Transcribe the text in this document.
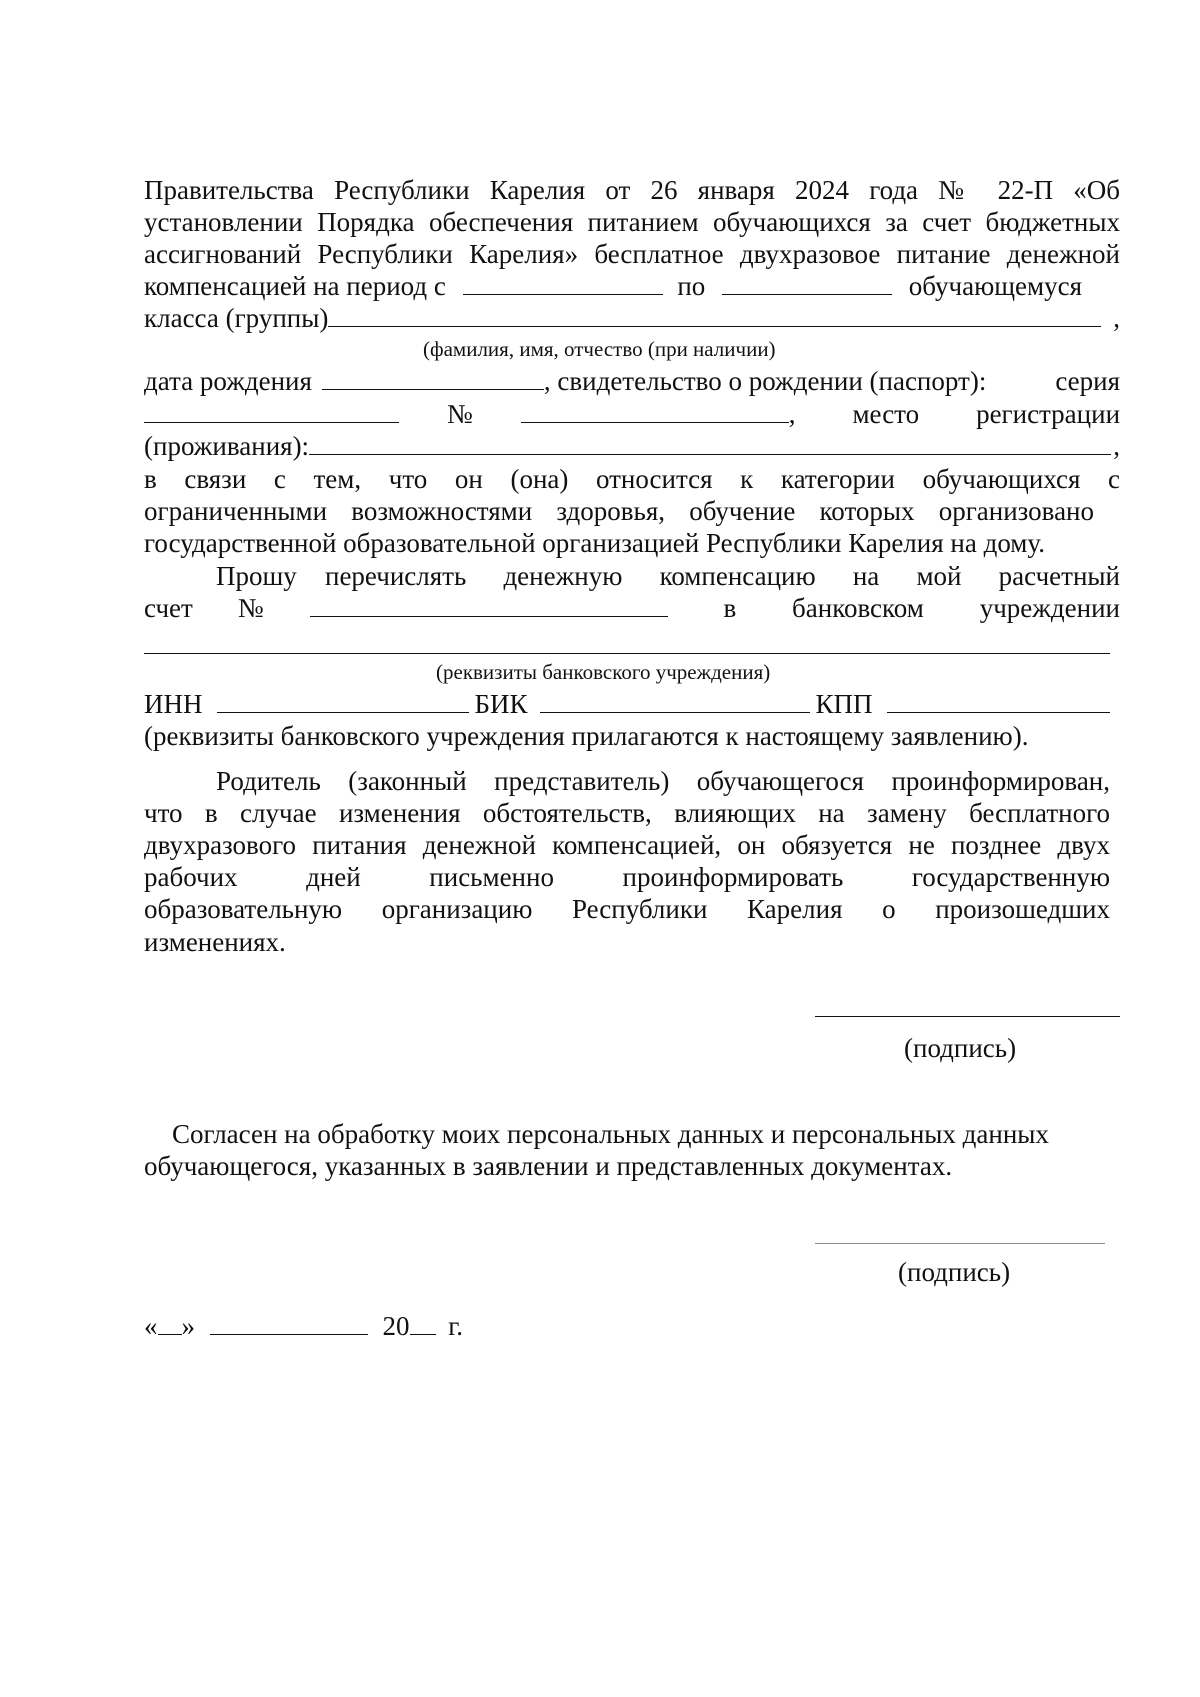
Правительства Республики Карелия от 26 января 2024 года № 22-П «Об
установлении Порядка обеспечения питанием обучающихся за счет бюджетных
ассигнований Республики Карелия» бесплатное двухразовое питание денежной
компенсацией на период с	по	обучающемуся
класса (группы)	,
(фамилия, имя, отчество (при наличии)
дата рождения	, свидетельство о рождении (паспорт):	серия
№	, место регистрации
(проживания):	,
в связи с тем, что он (она) относится к категории обучающихся с
ограниченными возможностями здоровья, обучение которых организовано
государственной образовательной организацией Республики Карелия на дому.
Прошу перечислять денежную компенсацию на мой расчетный
счет №	в банковском учреждении
(реквизиты банковского учреждения)
ИНН	БИК	КПП
(реквизиты банковского учреждения прилагаются к настоящему заявлению).
Родитель (законный представитель) обучающегося проинформирован,
что в случае изменения обстоятельств, влияющих на замену бесплатного
двухразового питания денежной компенсацией, он обязуется не позднее двух
рабочих дней письменно проинформировать государственную
образовательную организацию Республики Карелия о произошедших
изменениях.
(подпись)
Согласен на обработку моих персональных данных и персональных данных
обучающегося, указанных в заявлении и представленных документах.
(подпись)
« »	20 г.
